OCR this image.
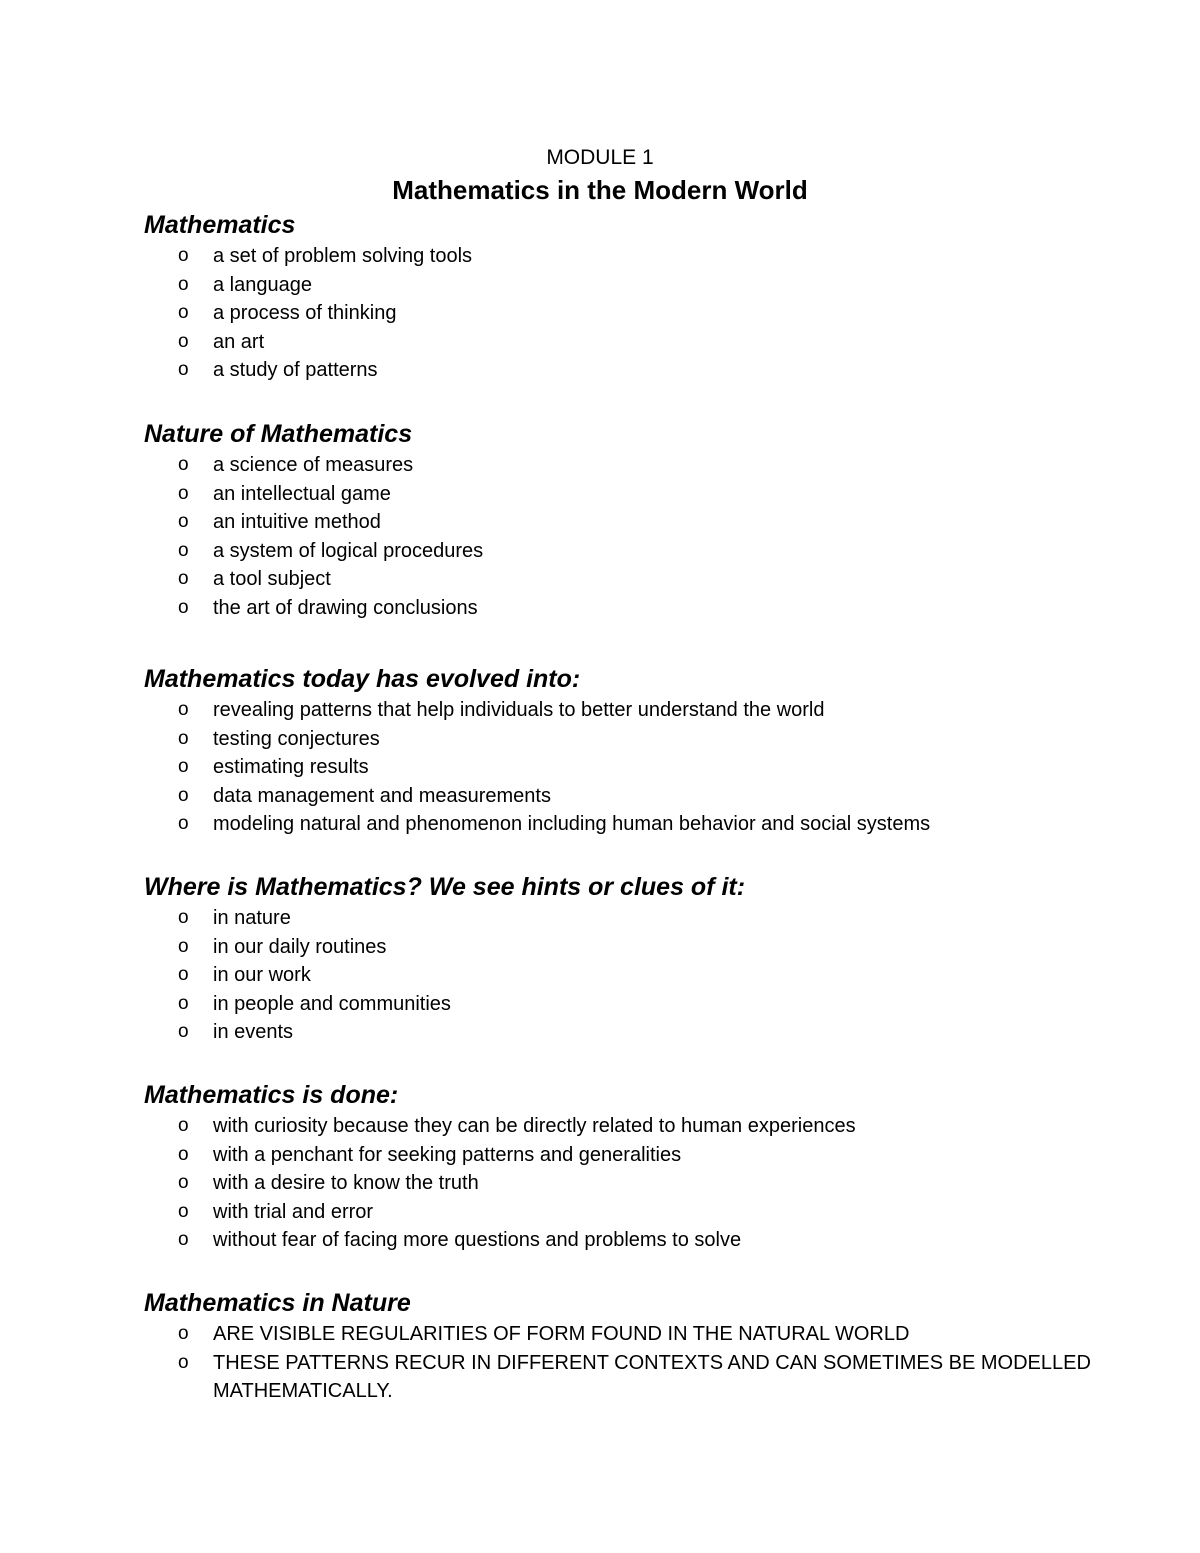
MODULE 1
Mathematics in the Modern World
Mathematics
o a set of problem solving tools
o a language
o a process of thinking
o an art
o a study of patterns
Nature of Mathematics
o a science of measures
o an intellectual game
o an intuitive method
o a system of logical procedures
o a tool subject
o the art of drawing conclusions
Mathematics today has evolved into:
o revealing patterns that help individuals to better understand the world
o testing conjectures
o estimating results
o data management and measurements
o modeling natural and phenomenon including human behavior and social systems
Where is Mathematics? We see hints or clues of it:
o in nature
o in our daily routines
o in our work
o in people and communities
o in events
Mathematics is done:
o with curiosity because they can be directly related to human experiences
o with a penchant for seeking patterns and generalities
o with a desire to know the truth
o with trial and error
o without fear of facing more questions and problems to solve
Mathematics in Nature
o ARE VISIBLE REGULARITIES OF FORM FOUND IN THE NATURAL WORLD
o THESE PATTERNS RECUR IN DIFFERENT CONTEXTS AND CAN SOMETIMES BE MODELLED MATHEMATICALLY.
